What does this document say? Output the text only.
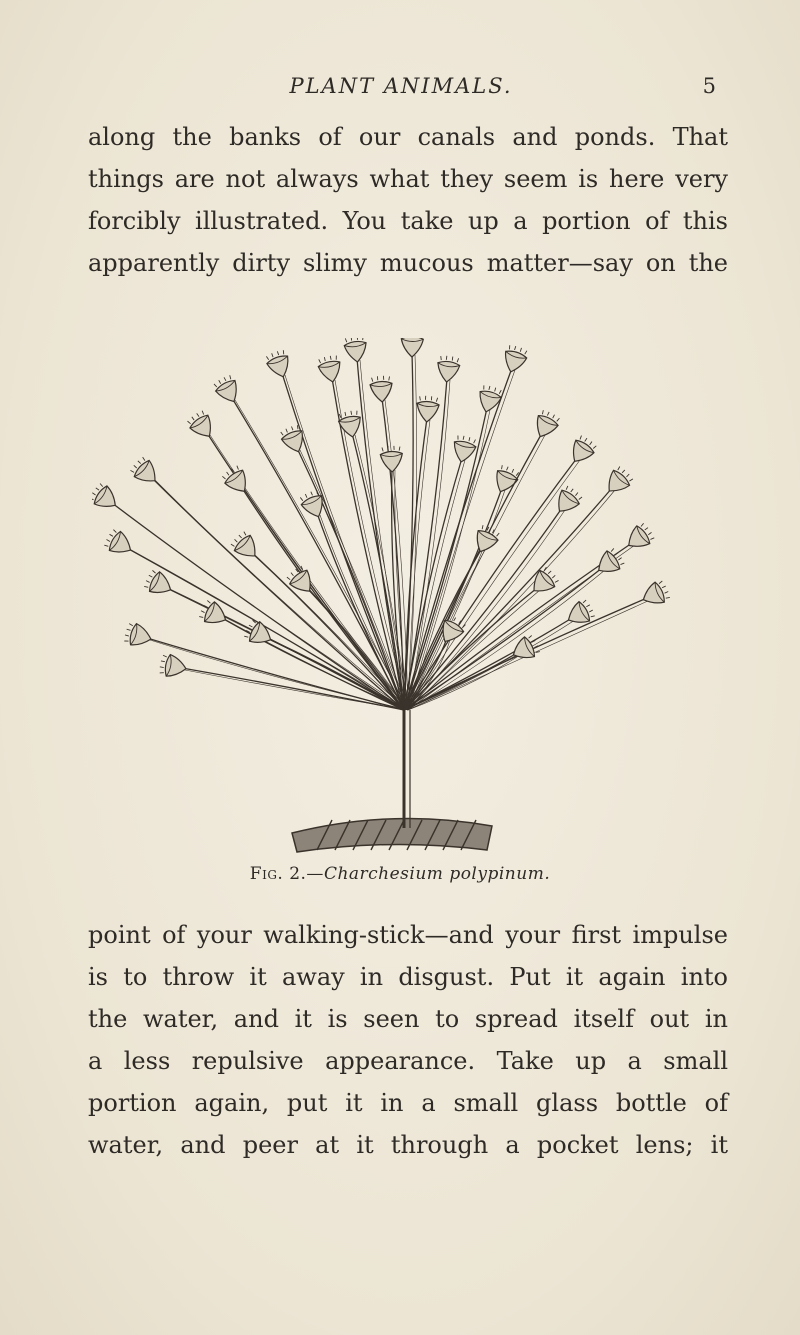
PLANT ANIMALS.	5
along the banks of our canals and ponds. That
things are not always what they seem is here very
forcibly illustrated. You take up a portion of this
apparently dirty slimy mucous matter—say on the
Fig. 2.—Charchesium polypinum.
point of your walking-stick—and your first impulse
is to throw it away in disgust. Put it again into
the water, and it is seen to spread itself out in
a less repulsive appearance. Take up a small
portion again, put it in a small glass bottle of
water, and peer at it through a pocket lens; it
